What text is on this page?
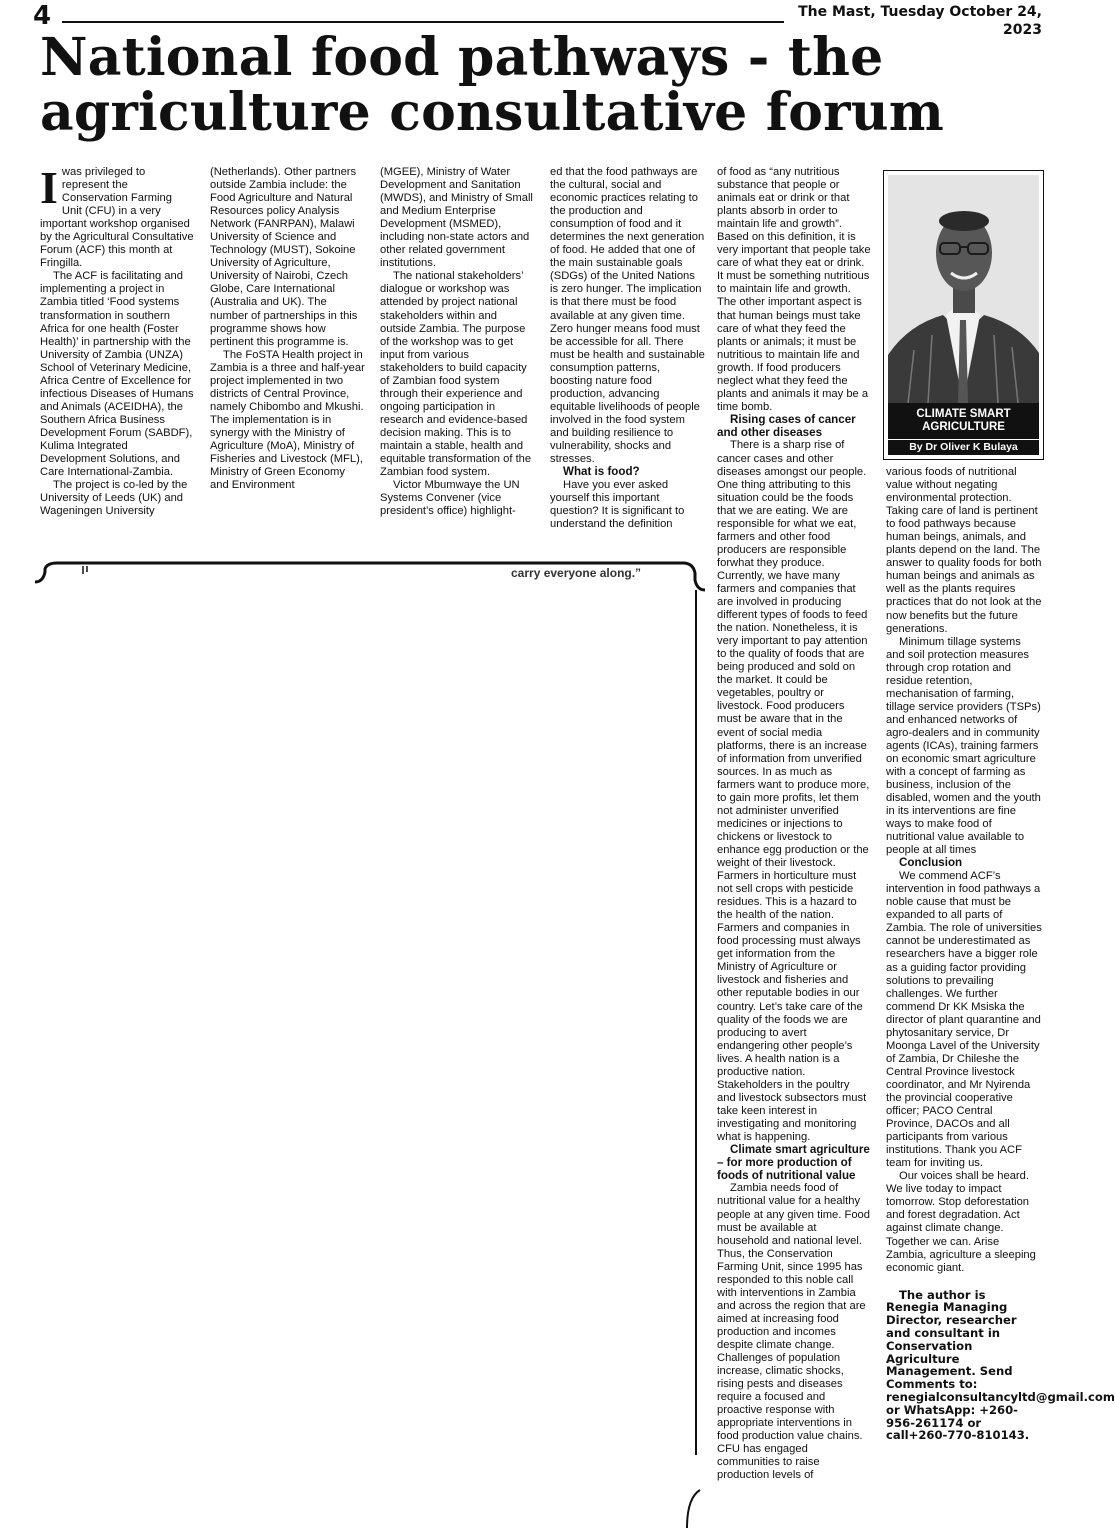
4	The Mast, Tuesday October 24, 2023
National food pathways - the
agriculture consultative forum
I was privileged to represent the Conservation Farming Unit (CFU) in a very important workshop organised by the Agricultural Consultative Forum (ACF) this month at Fringilla.

The ACF is facilitating and implementing a project in Zambia titled ‘Food systems transformation in southern Africa for one health (Foster Health)’ in partnership with the University of Zambia (UNZA) School of Veterinary Medicine, Africa Centre of Excellence for infectious Diseases of Humans and Animals (ACEIDHA), the Southern Africa Business Development Forum (SABDF), Kulima Integrated Development Solutions, and Care International-Zambia.

The project is co-led by the University of Leeds (UK) and Wageningen University

(Netherlands). Other partners outside Zambia include: the Food Agriculture and Natural Resources policy Analysis Network (FANRPAN), Malawi University of Science and Technology (MUST), Sokoine University of Agriculture, University of Nairobi, Czech Globe, Care International (Australia and UK). The number of partnerships in this programme shows how pertinent this programme is.

The FoSTA Health project in Zambia is a three and half-year project implemented in two districts of Central Province, namely Chibombo and Mkushi.

The implementation is in synergy with the Ministry of Agriculture (MoA), Ministry of Fisheries and Livestock (MFL), Ministry of Green Economy and Environment

(MGEE), Ministry of Water Development and Sanitation (MWDS), and Ministry of Small and Medium Enterprise Development (MSMED), including non-state actors and other related government institutions.

The national stakeholders’ dialogue or workshop was attended by project national stakeholders within and outside Zambia. The purpose of the workshop was to get input from various stakeholders to build capacity of Zambian food system through their experience and ongoing participation in research and evidence-based decision making. This is to maintain a stable, health and equitable transformation of the Zambian food system.

Victor Mbumwaye the UN Systems Convener (vice president’s office) highlight-

ed that the food pathways are the cultural, social and economic practices relating to the production and consumption of food and it determines the next generation of food. He added that one of the main sustainable goals (SDGs) of the United Nations is zero hunger. The implication is that there must be food available at any given time. Zero hunger means food must be accessible for all. There must be health and sustainable consumption patterns, boosting nature food production, advancing equitable livelihoods of people involved in the food system and building resilience to vulnerability, shocks and stresses.

What is food?

Have you ever asked yourself this important question? It is significant to understand the definition

of food as “any nutritious substance that people or animals eat or drink or that plants absorb in order to maintain life and growth”. Based on this definition, it is very important that people take care of what they eat or drink. It must be something nutritious to maintain life and growth. The other important aspect is that human beings must take care of what they feed the plants or animals; it must be nutritious to maintain life and growth. If food producers neglect what they feed the plants and animals it may be a time bomb.

Rising cases of cancer and other diseases

There is a sharp rise of cancer cases and other diseases amongst our people. One thing attributing to this situation could be the foods that we are eating. We are responsible for what we eat, farmers and other food producers are responsible forwhat they produce. Currently, we have many farmers and companies that are involved in producing different types of foods to feed the nation. Nonetheless, it is very important to pay attention to the quality of foods that are being produced and sold on the market. It could be vegetables, poultry or livestock. Food producers must be aware that in the event of social media platforms, there is an increase of information from unverified sources. In as much as farmers want to produce more, to gain more profits, let them not administer unverified medicines or injections to chickens or livestock to enhance egg production or the weight of their livestock. Farmers in horticulture must not sell crops with pesticide residues. This is a hazard to the health of the nation. Farmers and companies in food processing must always get information from the Ministry of Agriculture or livestock and fisheries and other reputable bodies in our country. Let’s take care of the quality of the foods we are producing to avert endangering other people’s lives. A health nation is a productive nation. Stakeholders in the poultry and livestock subsectors must take keen interest in investigating and monitoring what is happening.

Climate smart agriculture – for more production of foods of nutritional value

Zambia needs food of nutritional value for a healthy people at any given time. Food must be available at household and national level. Thus, the Conservation Farming Unit, since 1995 has responded to this noble call with interventions in Zambia and across the region that are aimed at increasing food production and incomes despite climate change. Challenges of population increase, climatic shocks, rising pests and diseases require a focused and proactive response with appropriate interventions in food production value chains. CFU has engaged communities to raise production levels of

CLIMATE SMART AGRICULTURE
By Dr Oliver K Bulaya

various foods of nutritional value without negating environmental protection. Taking care of land is pertinent to food pathways because human beings, animals, and plants depend on the land. The answer to quality foods for both human beings and animals as well as the plants requires practices that do not look at the now benefits but the future generations.

Minimum tillage systems and soil protection measures through crop rotation and residue retention, mechanisation of farming, tillage service providers (TSPs) and enhanced networks of agro-dealers and in community agents (ICAs), training farmers on economic smart agriculture with a concept of farming as business, inclusion of the disabled, women and the youth in its interventions are fine ways to make food of nutritional value available to people at all times

Conclusion

We commend ACF’s intervention in food pathways a noble cause that must be expanded to all parts of Zambia. The role of universities cannot be underestimated as researchers have a bigger role as a guiding factor providing solutions to prevailing challenges. We further commend Dr KK Msiska the director of plant quarantine and phytosanitary service, Dr Moonga Lavel of the University of Zambia, Dr Chileshe the Central Province livestock coordinator, and Mr Nyirenda the provincial cooperative officer; PACO Central Province, DACOs and all participants from various institutions. Thank you ACF team for inviting us.

Our voices shall be heard. We live today to impact tomorrow. Stop deforestation and forest degradation. Act against climate change. Together we can. Arise Zambia, agriculture a sleeping economic giant.

The author is Renegia Managing Director, researcher and consultant in Conservation Agriculture Management. Send Comments to: renegialconsultancyltd@gmail.com or WhatsApp: +260-956-261174 or call+260-770-810143.

carry everyone along.”
